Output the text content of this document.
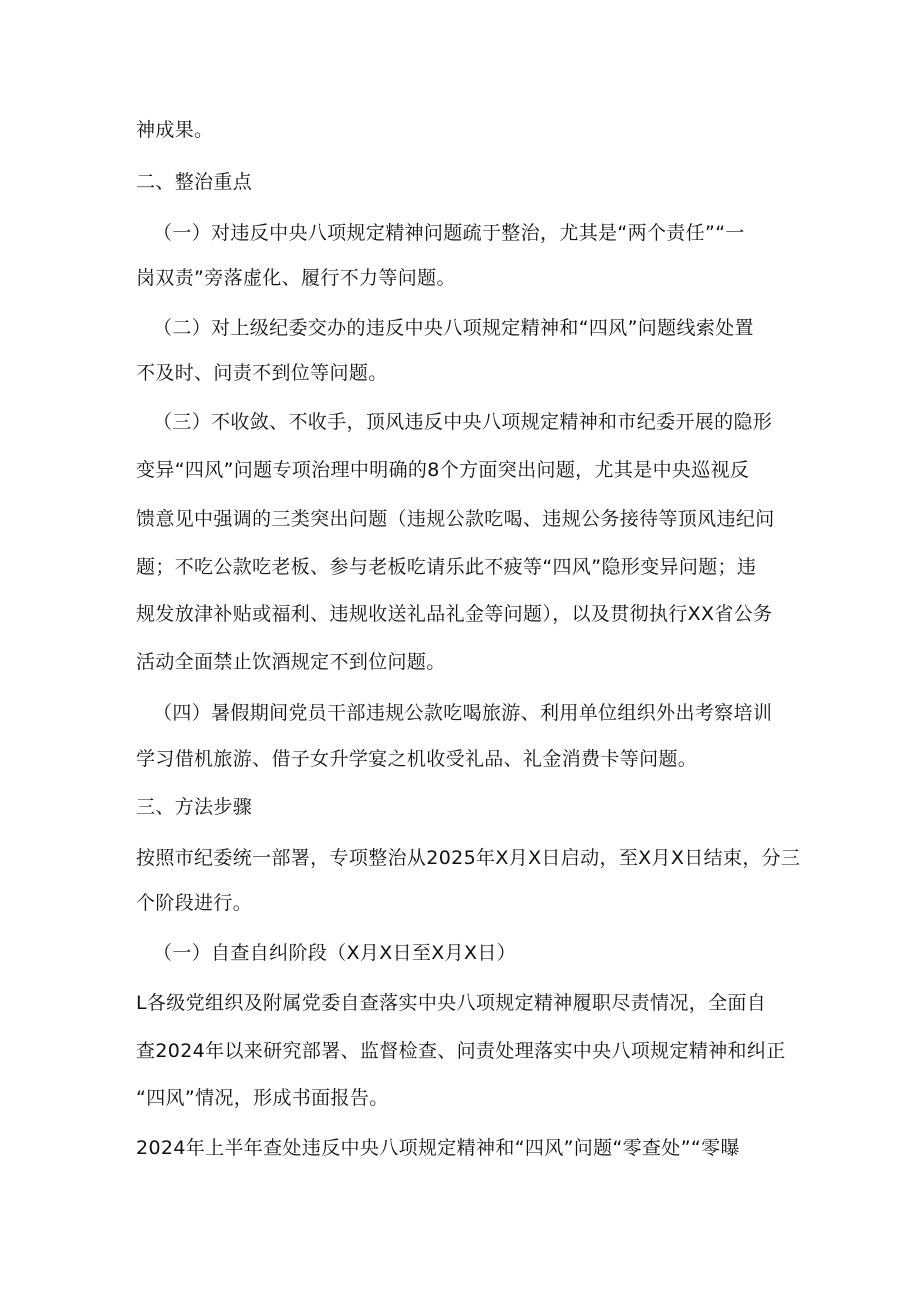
神成果。
二、整治重点
（一）对违反中央八项规定精神问题疏于整治，尤其是“两个责任”“一
岗双责”旁落虚化、履行不力等问题。
（二）对上级纪委交办的违反中央八项规定精神和“四风”问题线索处置
不及时、问责不到位等问题。
（三）不收敛、不收手，顶风违反中央八项规定精神和市纪委开展的隐形
变异“四风”问题专项治理中明确的8个方面突出问题，尤其是中央巡视反
馈意见中强调的三类突出问题（违规公款吃喝、违规公务接待等顶风违纪问
题；不吃公款吃老板、参与老板吃请乐此不疲等“四风”隐形变异问题；违
规发放津补贴或福利、违规收送礼品礼金等问题），以及贯彻执行XX省公务
活动全面禁止饮酒规定不到位问题。
（四）暑假期间党员干部违规公款吃喝旅游、利用单位组织外出考察培训
学习借机旅游、借子女升学宴之机收受礼品、礼金消费卡等问题。
三、方法步骤
按照市纪委统一部署，专项整治从2025年X月X日启动，至X月X日结束，分三
个阶段进行。
（一）自查自纠阶段（X月X日至X月X日）
L各级党组织及附属党委自查落实中央八项规定精神履职尽责情况，全面自
查2024年以来研究部署、监督检查、问责处理落实中央八项规定精神和纠正
“四风”情况，形成书面报告。
2024年上半年查处违反中央八项规定精神和“四风”问题“零查处”“零曝
